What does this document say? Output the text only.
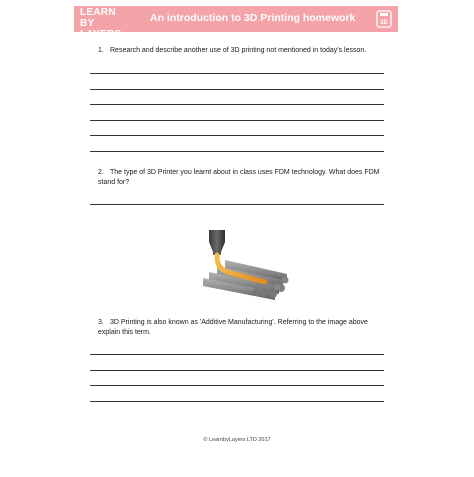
LEARN BY
LAYERS
An introduction to 3D Printing homework	3D
1. Research and describe another use of 3D printing not mentioned in today's lesson.
2. The type of 3D Printer you learnt about in class uses FDM technology. What does FDM stand for?
3. 3D Printing is also known as 'Additive Manufacturing'. Referring to the image above explain this term.
© LearnbyLayers LTD 2017
